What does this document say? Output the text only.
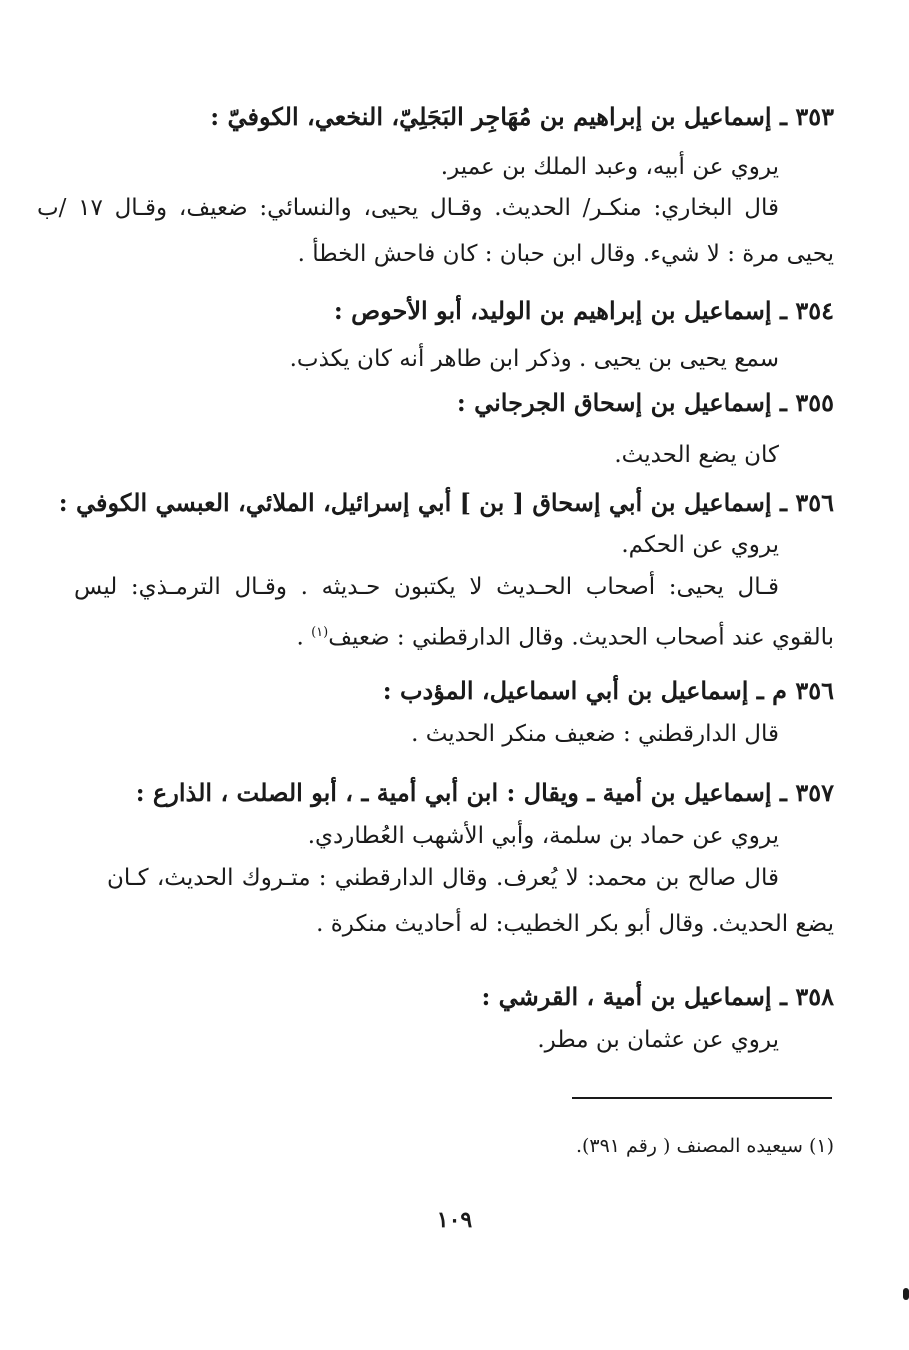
٣٥٣ ـ إسماعيل بن إبراهيم بن مُهَاجِر البَجَلِيّ، النخعي، الكوفيّ :
يروي عن أبيه، وعبد الملك بن عمير.
قال البخاري: منكـر/ الحديث. وقـال يحيى، والنسائي: ضعيف، وقـال ١٧ /ب
يحيى مرة : لا شيء. وقال ابن حبان : كان فاحش الخطأ .
٣٥٤ ـ إسماعيل بن إبراهيم بن الوليد، أبو الأحوص :
سمع يحيى بن يحيى . وذكر ابن طاهر أنه كان يكذب.
٣٥٥ ـ إسماعيل بن إسحاق الجرجاني :
كان يضع الحديث.
٣٥٦ ـ إسماعيل بن أبي إسحاق [ بن ] أبي إسرائيل، الملائي، العبسي الكوفي :
يروي عن الحكم.
قـال يحيى: أصحاب الحـديث لا يكتبون حـديثه . وقـال الترمـذي: ليس
بالقوي عند أصحاب الحديث. وقال الدارقطني : ضعيف$^{(١)}$ .
٣٥٦ م ـ إسماعيل بن أبي اسماعيل، المؤدب :
قال الدارقطني : ضعيف منكر الحديث .
٣٥٧ ـ إسماعيل بن أمية ـ ويقال : ابن أبي أمية ـ ، أبو الصلت ، الذارع :
يروي عن حماد بن سلمة، وأبي الأشهب العُطاردي.
قال صالح بن محمد: لا يُعرف. وقال الدارقطني : متـروك الحديث، كـان
يضع الحديث. وقال أبو بكر الخطيب: له أحاديث منكرة .
٣٥٨ ـ إسماعيل بن أمية ، القرشي :
يروي عن عثمان بن مطر.
(١) سيعيده المصنف ( رقم ٣٩١).
١٠٩
